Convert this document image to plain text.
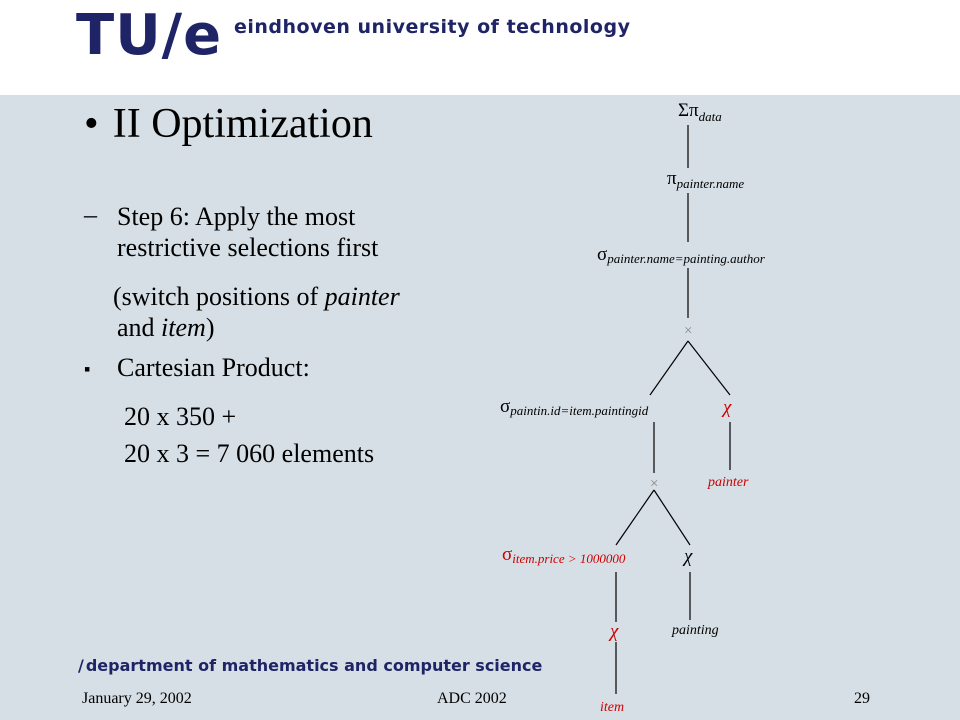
TU/e eindhoven university of technology
• II Optimization
– Step 6: Apply the most
restrictive selections first
(switch positions of painter
and item)
▪ Cartesian Product:
20 x 350 +
20 x 3 = 7 060 elements
$\Sigma\pi_{data}$
$\pi_{painter.name}$
σpainter.name=painting.author
×
σpaintin.id=item.paintingid	χ
×	painter
σitem.price > 1000000	χ
χ	painting
item
/ department of mathematics and computer science
January 29, 2002	ADC 2002	29
